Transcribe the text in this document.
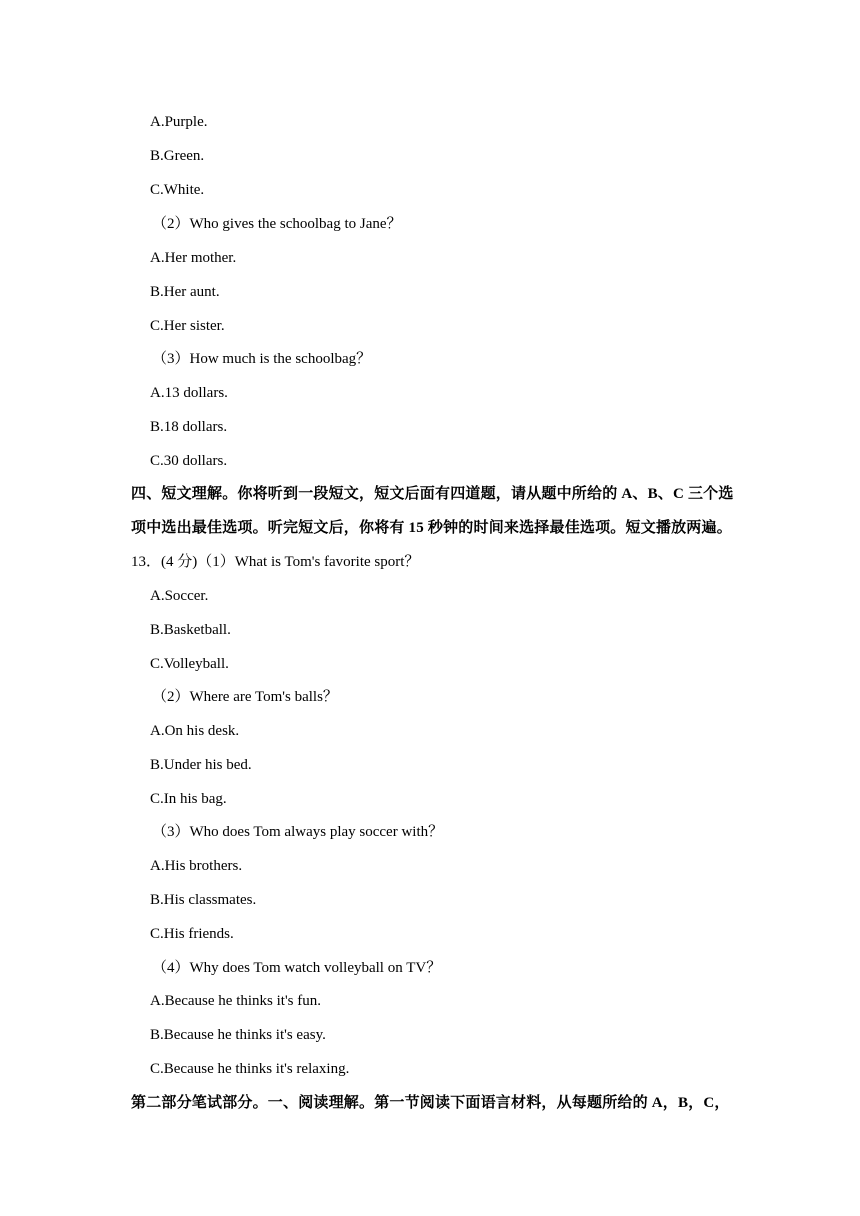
A.Purple.
B.Green.
C.White.
（2）Who gives the schoolbag to Jane？
A.Her mother.
B.Her aunt.
C.Her sister.
（3）How much is the schoolbag？
A.13 dollars.
B.18 dollars.
C.30 dollars.
四、短文理解。你将听到一段短文，短文后面有四道题，请从题中所给的 A、B、C 三个选
项中选出最佳选项。听完短文后，你将有 15 秒钟的时间来选择最佳选项。短文播放两遍。
13．(4 分)（1）What is Tom's favorite sport？
A.Soccer.
B.Basketball.
C.Volleyball.
（2）Where are Tom's balls？
A.On his desk.
B.Under his bed.
C.In his bag.
（3）Who does Tom always play soccer with？
A.His brothers.
B.His classmates.
C.His friends.
（4）Why does Tom watch volleyball on TV？
A.Because he thinks it's fun.
B.Because he thinks it's easy.
C.Because he thinks it's relaxing.
第二部分笔试部分。一、阅读理解。第一节阅读下面语言材料，从每题所给的 A，B，C，
